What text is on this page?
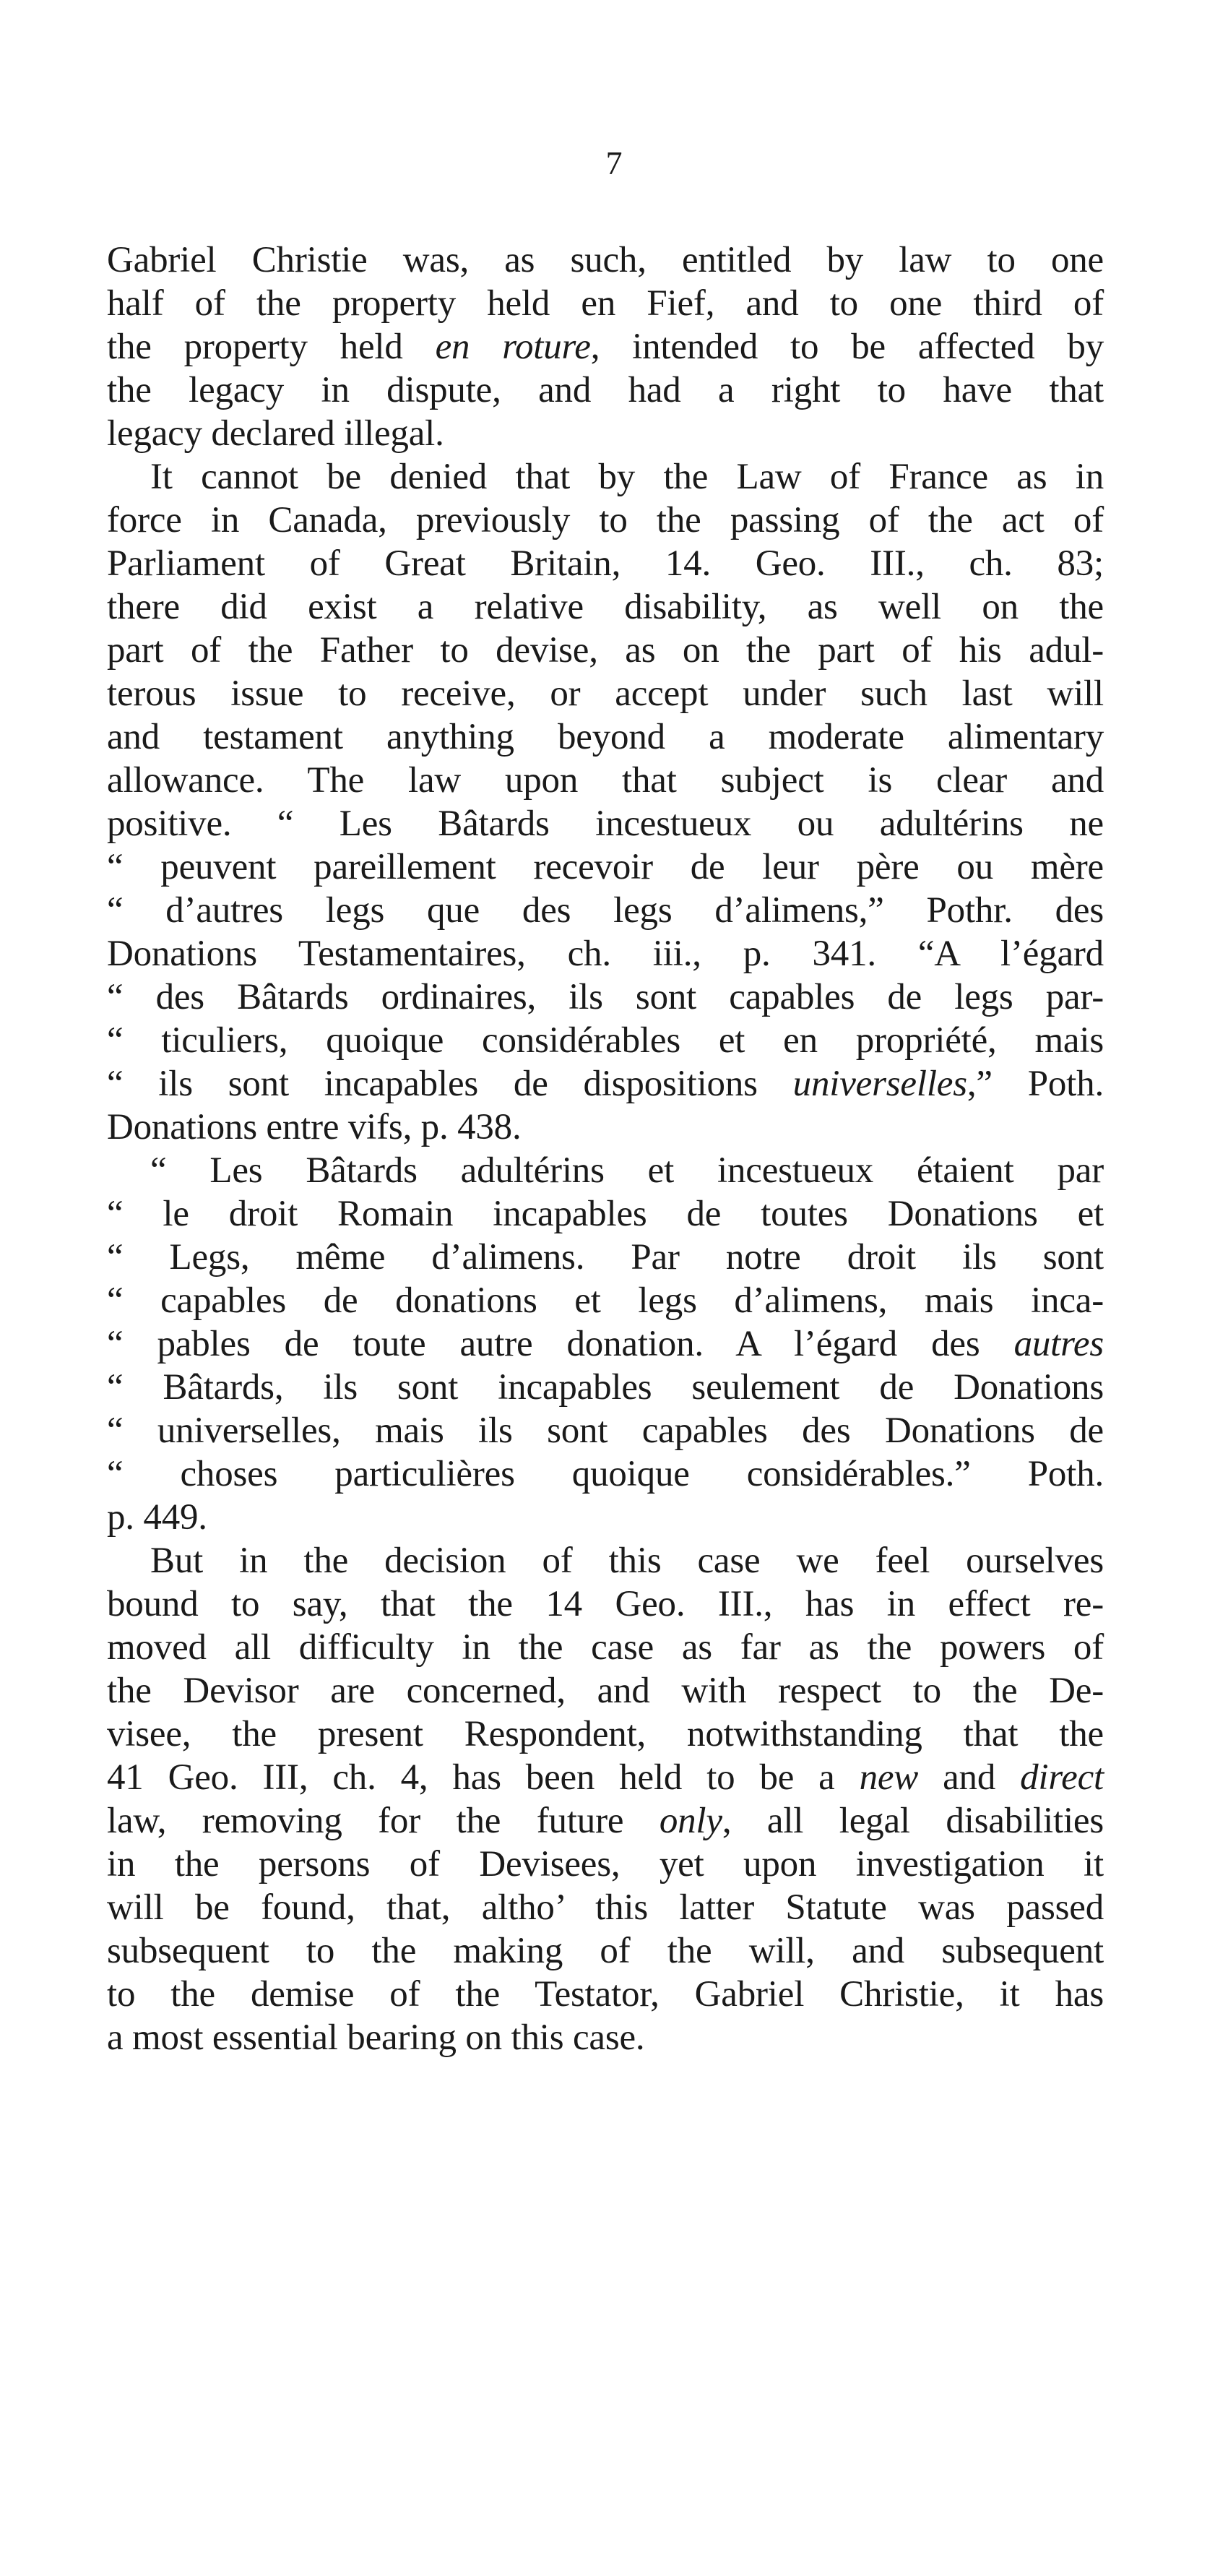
7
Gabriel Christie was, as such, entitled by law to one
half of the property held en Fief, and to one third of
the property held en roture, intended to be affected by
the legacy in dispute, and had a right to have that
legacy declared illegal.
It cannot be denied that by the Law of France as in
force in Canada, previously to the passing of the act of
Parliament of Great Britain, 14. Geo. III., ch. 83;
there did exist a relative disability, as well on the
part of the Father to devise, as on the part of his adul-
terous issue to receive, or accept under such last will
and testament anything beyond a moderate alimentary
allowance. The law upon that subject is clear and
positive. “ Les Bâtards incestueux ou adultérins ne
“ peuvent pareillement recevoir de leur père ou mère
“ d’autres legs que des legs d’alimens,” Pothr. des
Donations Testamentaires, ch. iii., p. 341. “A l’égard
“ des Bâtards ordinaires, ils sont capables de legs par-
“ ticuliers, quoique considérables et en propriété, mais
“ ils sont incapables de dispositions universelles,” Poth.
Donations entre vifs, p. 438.
“ Les Bâtards adultérins et incestueux étaient par
“ le droit Romain incapables de toutes Donations et
“ Legs, même d’alimens. Par notre droit ils sont
“ capables de donations et legs d’alimens, mais inca-
“ pables de toute autre donation. A l’égard des autres
“ Bâtards, ils sont incapables seulement de Donations
“ universelles, mais ils sont capables des Donations de
“ choses particulières quoique considérables.” Poth.
p. 449.
But in the decision of this case we feel ourselves
bound to say, that the 14 Geo. III., has in effect re-
moved all difficulty in the case as far as the powers of
the Devisor are concerned, and with respect to the De-
visee, the present Respondent, notwithstanding that the
41 Geo. III, ch. 4, has been held to be a new and direct
law, removing for the future only, all legal disabilities
in the persons of Devisees, yet upon investigation it
will be found, that, altho’ this latter Statute was passed
subsequent to the making of the will, and subsequent
to the demise of the Testator, Gabriel Christie, it has
a most essential bearing on this case.
